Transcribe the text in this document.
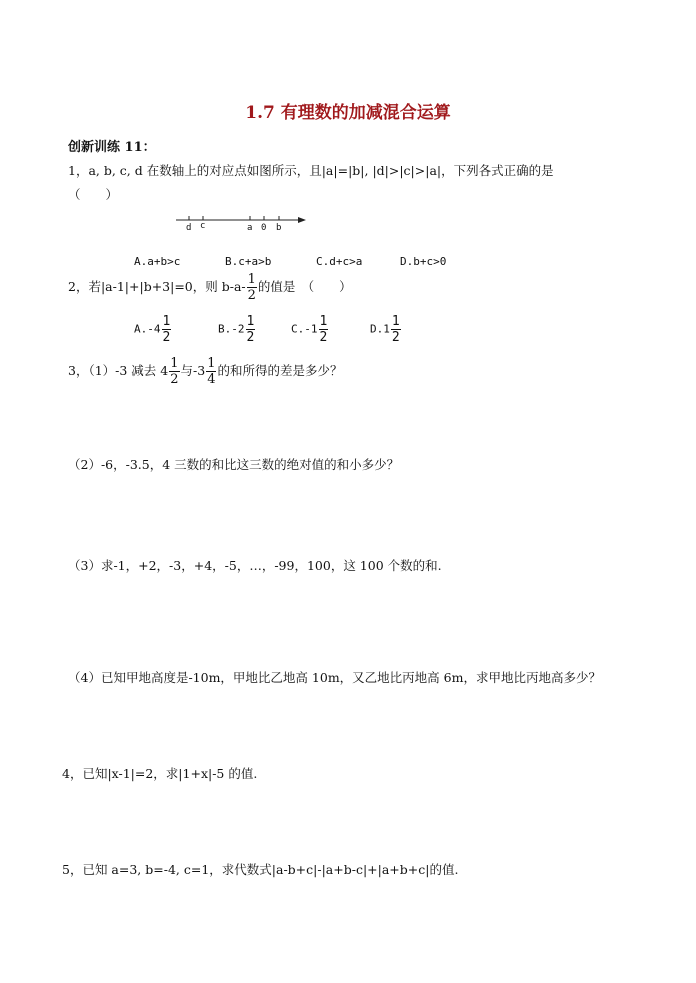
1.7 有理数的加减混合运算
创新训练 11：
1，a, b, c, d 在数轴上的对应点如图所示，且|a|=|b|, |d|>|c|>|a|，下列各式正确的是
（　　）
d c	a 0 b
A.a+b>c	B.c+a>b	C.d+c>a	D.b+c>0
2，若|a-1|+|b+3|=0，则 $b-a- \frac{1}{2}$ 的值是　（　　）
$A.-4 \frac{1}{2}$	$B.-2 \frac{1}{2}$	$C.-1 \frac{1}{2}$	$D.1 \frac{1}{2}$
3，（1）-3 减去 $4 \frac{1}{2}$ 与$-3 \frac{1}{4}$ 的和所得的差是多少？
（2）-6，-3.5，4 三数的和比这三数的绝对值的和小多少？
（3）求-1，+2，-3，+4，-5，…，-99，100，这 100 个数的和.
（4）已知甲地高度是-10m，甲地比乙地高 10m，又乙地比丙地高 6m，求甲地比丙地高多少？
4，已知|x-1|=2，求|1+x|-5 的值.
5，已知 a=3, b=-4, c=1，求代数式|a-b+c|-|a+b-c|+|a+b+c|的值.
